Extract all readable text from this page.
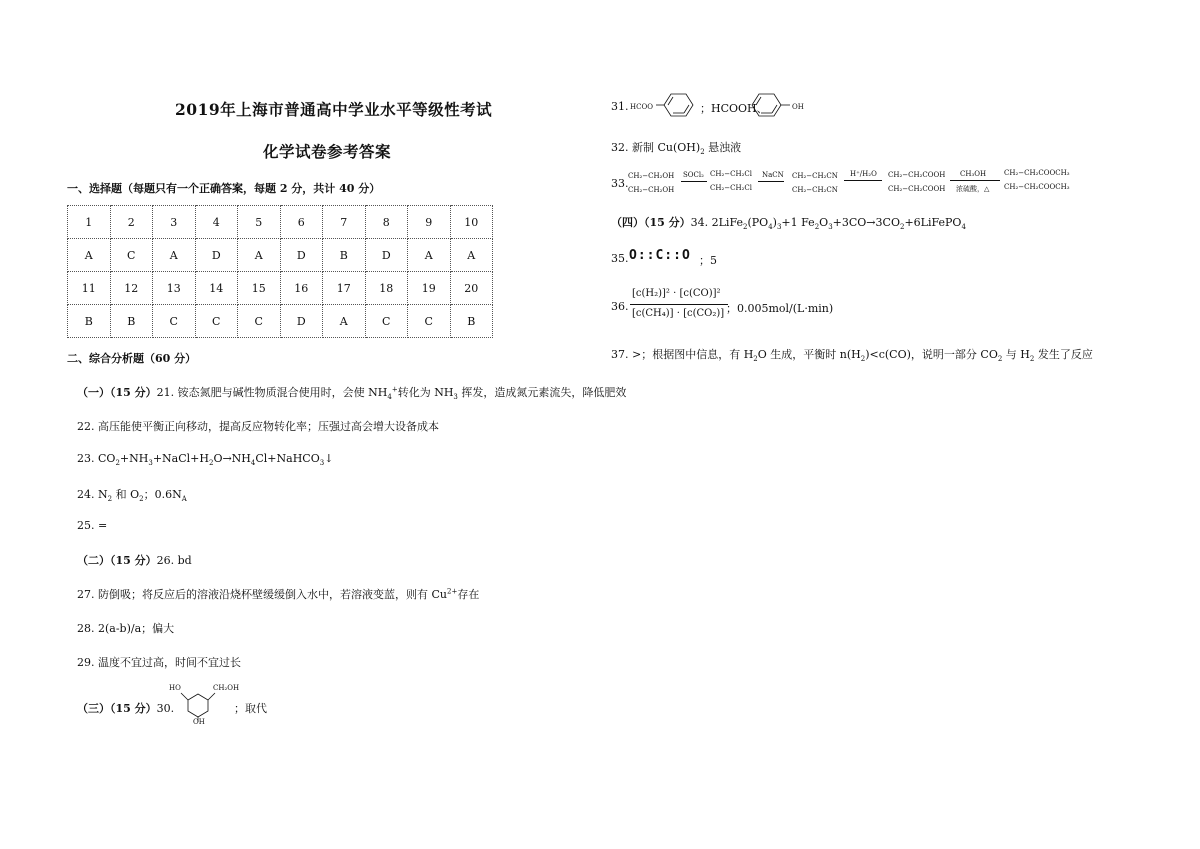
2019年上海市普通高中学业水平等级性考试
化学试卷参考答案
一、选择题（每题只有一个正确答案，每题 2 分，共计 40 分）
1	2	3	4	5	6	7	8	9	10
A	C	A	D	A	D	B	D	A	A
11	12	13	14	15	16	17	18	19	20
B	B	C	C	C	D	A	C	C	B
二、综合分析题（60 分）
（一）（15 分）21. 铵态氮肥与碱性物质混合使用时，会使 $NH_4^+$转化为 $NH_3$ 挥发，造成氮元素流失，降低肥效
22. 高压能使平衡正向移动，提高反应物转化率；压强过高会增大设备成本
23. $CO_2+NH_3+NaCl+H_2O\to NH_4Cl+NaHCO_3↓$
24. $N_2$ 和 $O_2$；$0.6N_A$
25. =
（二）（15 分）26. bd
27. 防倒吸；将反应后的溶液沿烧杯壁缓缓倒入水中，若溶液变蓝，则有 $Cu^{2+}$存在
28. 2(a-b)/a；偏大
29. 温度不宜过高，时间不宜过长
（三）（15 分）30.
HO	CH₂OH
OH
；取代
31. HCOO	；HCOOH、	OH
32. 新制 $Cu(OH)_2$ 悬浊液
33.
CH₂−CH₂OH
CH₂−CH₂OH
SOCl₂ CH₂−CH₂Cl
CH₂−CH₂Cl
NaCN CH₂−CH₂CN
CH₂−CH₂CN
H⁺/H₂O CH₂−CH₂COOH
CH₂−CH₂COOH
CH₃OH
浓硫酸，△
CH₂−CH₂COOCH₃
CH₂−CH₂COOCH₃
（四）（15 分）34. $2LiFe_2(PO_4)_3+1$ $Fe_2O_3+3CO\to 3CO_2+6LiFePO_4$
35. O::C::O ；5
36.
[c(H₂)]² · [c(CO)]²
[c(CH₄)] · [c(CO₂)] ；0.005mol/(L·min)
37. >；根据图中信息，有 $H_2O$ 生成，平衡时 $n(H_2)<c(CO)$，说明一部分 $CO_2$ 与 $H_2$ 发生了反应
